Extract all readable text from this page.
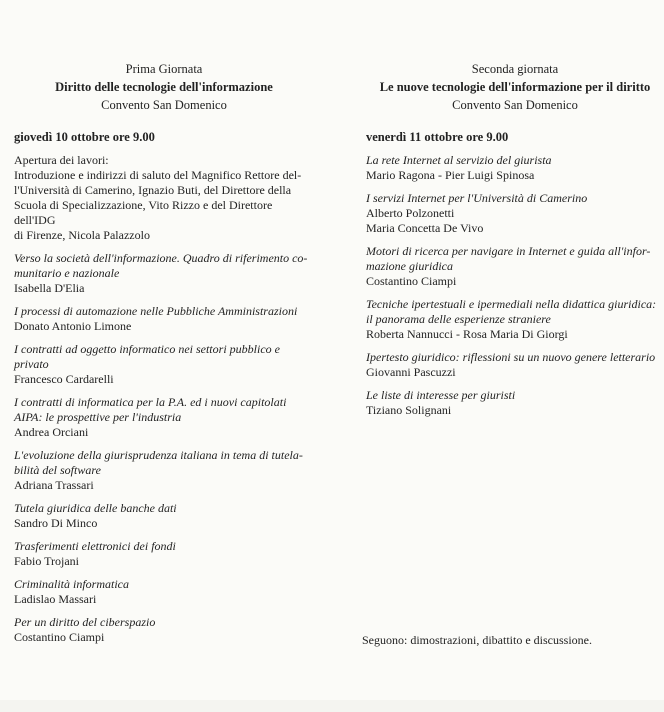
Prima Giornata
Diritto delle tecnologie dell'informazione
Convento San Domenico
giovedì 10 ottobre ore 9.00
Apertura dei lavori:
Introduzione e indirizzi di saluto del Magnifico Rettore del-
l'Università di Camerino, Ignazio Buti, del Direttore della
Scuola di Specializzazione, Vito Rizzo e del Direttore dell'IDG
di Firenze, Nicola Palazzolo
Verso la società dell'informazione. Quadro di riferimento co-
munitario e nazionale
Isabella D'Elia
I processi di automazione nelle Pubbliche Amministrazioni
Donato Antonio Limone
I contratti ad oggetto informatico nei settori pubblico e
privato
Francesco Cardarelli
I contratti di informatica per la P.A. ed i nuovi capitolati
AIPA: le prospettive per l'industria
Andrea Orciani
L'evoluzione della giurisprudenza italiana in tema di tutela-
bilità del software
Adriana Trassari
Tutela giuridica delle banche dati
Sandro Di Minco
Trasferimenti elettronici dei fondi
Fabio Trojani
Criminalità informatica
Ladislao Massari
Per un diritto del ciberspazio
Costantino Ciampi
Seconda giornata
Le nuove tecnologie dell'informazione per il diritto
Convento San Domenico
venerdì 11 ottobre ore 9.00
La rete Internet al servizio del giurista
Mario Ragona - Pier Luigi Spinosa
I servizi Internet per l'Università di Camerino
Alberto Polzonetti
Maria Concetta De Vivo
Motori di ricerca per navigare in Internet e guida all'infor-
mazione giuridica
Costantino Ciampi
Tecniche ipertestuali e ipermediali nella didattica giuridica:
il panorama delle esperienze straniere
Roberta Nannucci - Rosa Maria Di Giorgi
Ipertesto giuridico: riflessioni su un nuovo genere letterario
Giovanni Pascuzzi
Le liste di interesse per giuristi
Tiziano Solignani
Seguono: dimostrazioni, dibattito e discussione.
